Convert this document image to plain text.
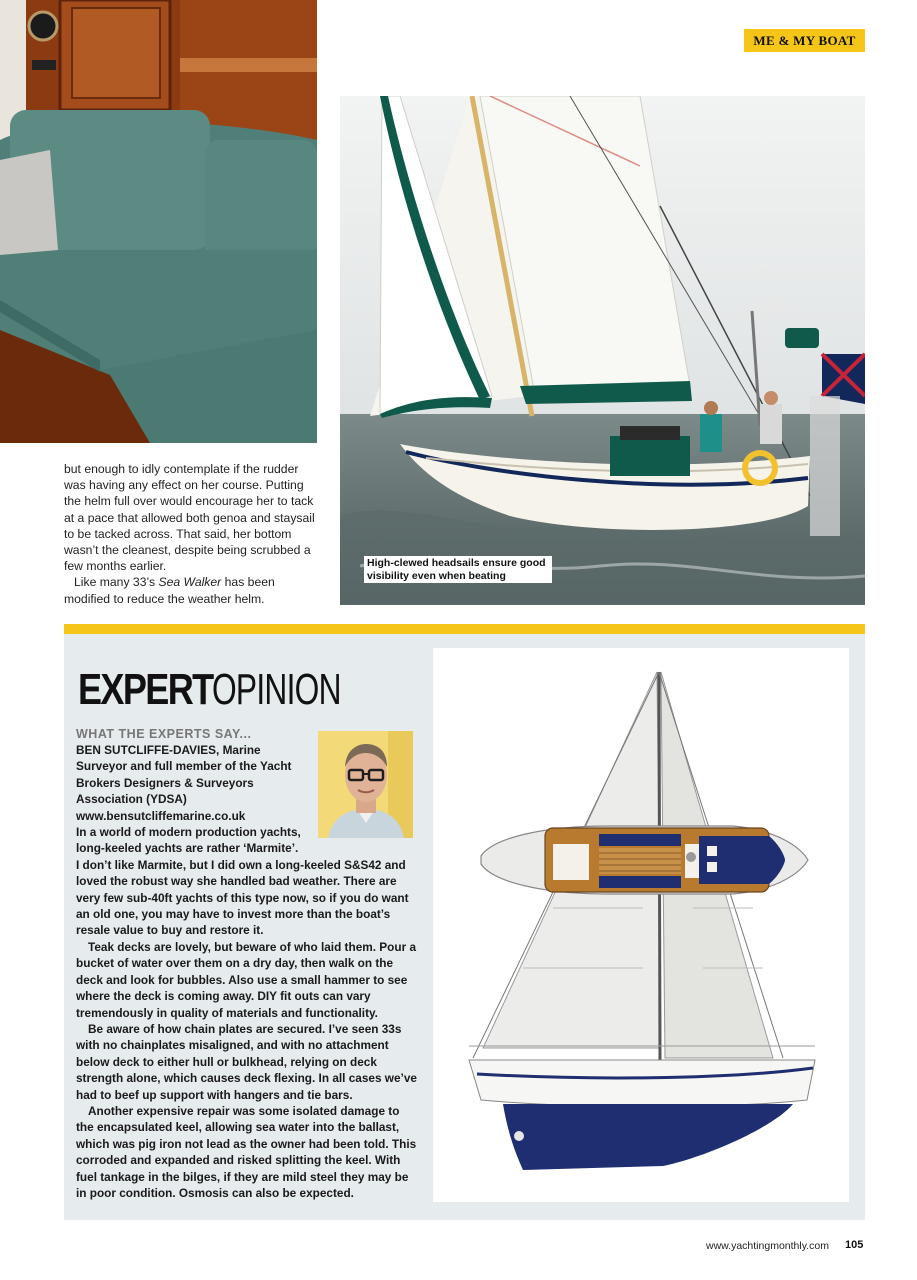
ME & MY BOAT
High-clewed headsails ensure good visibility even when beating

but enough to idly contemplate if the rudder was having any effect on her course. Putting the helm full over would encourage her to tack at a pace that allowed both genoa and staysail to be tacked across. That said, her bottom wasn’t the cleanest, despite being scrubbed a few months earlier.

Like many 33’s Sea Walker has been modified to reduce the weather helm.

EXPERTOPINION
WHAT THE EXPERTS SAY...

BEN SUTCLIFFE-DAVIES, Marine Surveyor and full member of the Yacht Brokers Designers & Surveyors Association (YDSA)

www.bensutcliffemarine.co.uk

In a world of modern production yachts, long-keeled yachts are rather ‘Marmite’.

I don’t like Marmite, but I did own a long-keeled S&S42 and loved the robust way she handled bad weather. There are very few sub-40ft yachts of this type now, so if you do want an old one, you may have to invest more than the boat’s resale value to buy and restore it.

Teak decks are lovely, but beware of who laid them. Pour a bucket of water over them on a dry day, then walk on the deck and look for bubbles. Also use a small hammer to see where the deck is coming away. DIY fit outs can vary tremendously in quality of materials and functionality.

Be aware of how chain plates are secured. I’ve seen 33s with no chainplates misaligned, and with no attachment below deck to either hull or bulkhead, relying on deck strength alone, which causes deck flexing. In all cases we’ve had to beef up support with hangers and tie bars.

Another expensive repair was some isolated damage to the encapsulated keel, allowing sea water into the ballast, which was pig iron not lead as the owner had been told. This corroded and expanded and risked splitting the keel. With fuel tankage in the bilges, if they are mild steel they may be in poor condition. Osmosis can also be expected.

www.yachtingmonthly.com 105
